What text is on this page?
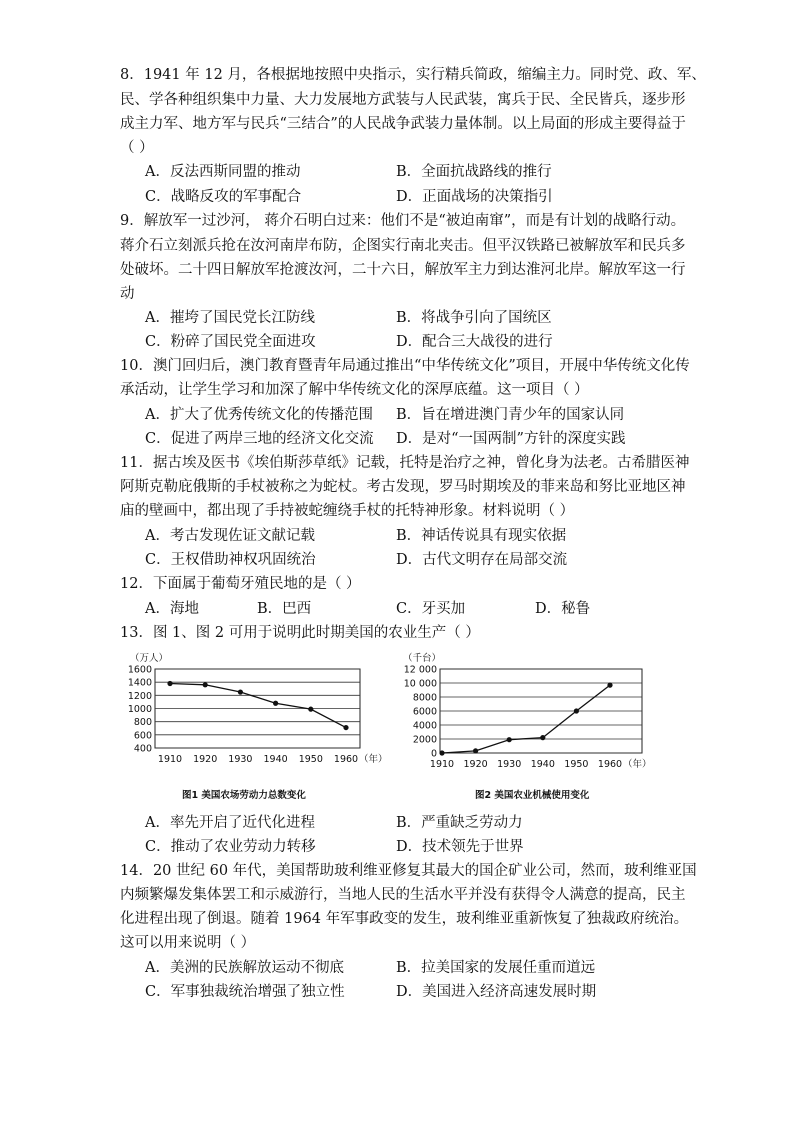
8．1941 年 12 月，各根据地按照中央指示，实行精兵简政，缩编主力。同时党、政、军、
民、学各种组织集中力量、大力发展地方武装与人民武装，寓兵于民、全民皆兵，逐步形
成主力军、地方军与民兵“三结合”的人民战争武装力量体制。以上局面的形成主要得益于
（ ）
A．反法西斯同盟的推动	B．全面抗战路线的推行
C．战略反攻的军事配合	D．正面战场的决策指引
9．解放军一过沙河， 蒋介石明白过来：他们不是“被迫南窜”，而是有计划的战略行动。
蒋介石立刻派兵抢在汝河南岸布防，企图实行南北夹击。但平汉铁路已被解放军和民兵多
处破坏。二十四日解放军抢渡汝河，二十六日，解放军主力到达淮河北岸。解放军这一行
动
A．摧垮了国民党长江防线	B．将战争引向了国统区
C．粉碎了国民党全面进攻	D．配合三大战役的进行
10．澳门回归后，澳门教育暨青年局通过推出“中华传统文化”项目，开展中华传统文化传
承活动，让学生学习和加深了解中华传统文化的深厚底蕴。这一项目（ ）
A．扩大了优秀传统文化的传播范围 B．旨在增进澳门青少年的国家认同
C．促进了两岸三地的经济文化交流 D．是对“一国两制”方针的深度实践
11．据古埃及医书《埃伯斯莎草纸》记载，托特是治疗之神，曾化身为法老。古希腊医神
阿斯克勒庇俄斯的手杖被称之为蛇杖。考古发现，罗马时期埃及的菲来岛和努比亚地区神
庙的壁画中，都出现了手持被蛇缠绕手杖的托特神形象。材料说明（ ）
A．考古发现佐证文献记载	B．神话传说具有现实依据
C．王权借助神权巩固统治	D．古代文明存在局部交流
12．下面属于葡萄牙殖民地的是（ ）
A．海地	B．巴西	C．牙买加	D．秘鲁
13．图 1、图 2 可用于说明此时期美国的农业生产（ ）
400
600
800
1000
1200
1400
1600
（万人）
1910 1920 1930 1940 1950 1960 （年）
图1 美国农场劳动力总数变化
0
2000
4000
6000
8000
10 000
12 000
（千台）
1910 1920 1930 1940 1950 1960 （年）
图2 美国农业机械使用变化
A．率先开启了近代化进程	B．严重缺乏劳动力
C．推动了农业劳动力转移	D．技术领先于世界
14．20 世纪 60 年代，美国帮助玻利维亚修复其最大的国企矿业公司，然而，玻利维亚国
内频繁爆发集体罢工和示威游行，当地人民的生活水平并没有获得令人满意的提高，民主
化进程出现了倒退。随着 1964 年军事政变的发生，玻利维亚重新恢复了独裁政府统治。
这可以用来说明（ ）
A．美洲的民族解放运动不彻底	B．拉美国家的发展任重而道远
C．军事独裁统治增强了独立性	D．美国进入经济高速发展时期
